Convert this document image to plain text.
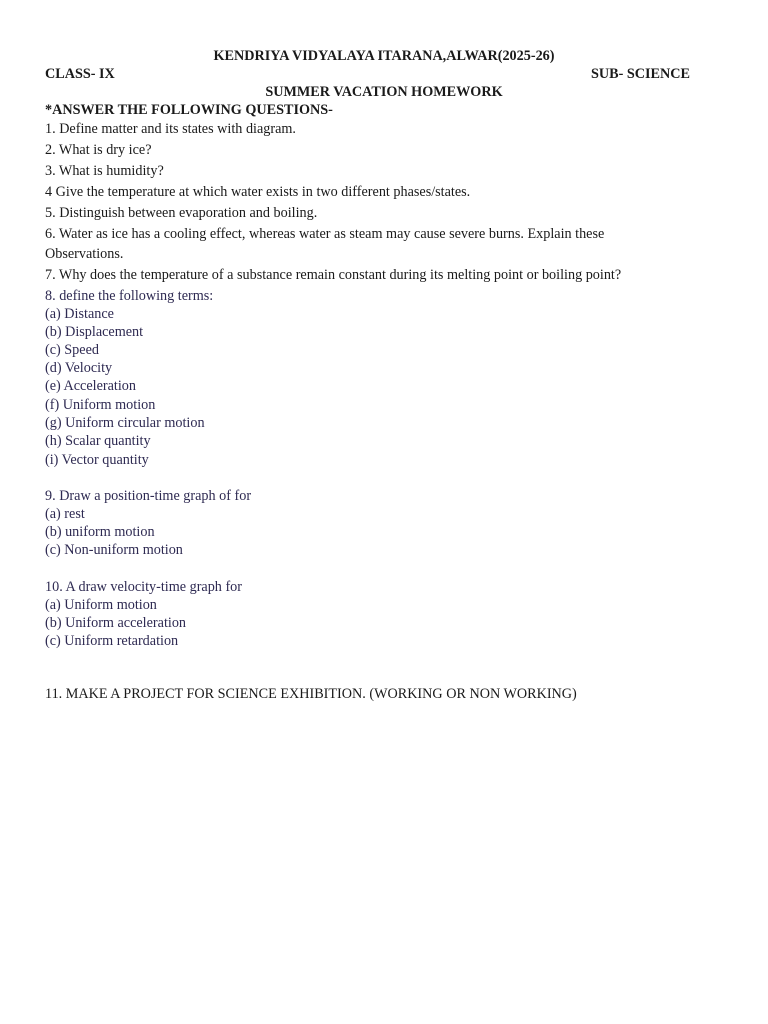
KENDRIYA VIDYALAYA ITARANA,ALWAR(2025-26)
CLASS- IX	SUB- SCIENCE
SUMMER VACATION HOMEWORK
*ANSWER THE FOLLOWING QUESTIONS-
1. Define matter and its states with diagram.
2. What is dry ice?
3. What is humidity?
4 Give the temperature at which water exists in two different phases/states.
5. Distinguish between evaporation and boiling.
6. Water as ice has a cooling effect, whereas water as steam may cause severe burns. Explain these
Observations.
7. Why does the temperature of a substance remain constant during its melting point or boiling point?
8. define the following terms:
(a) Distance
(b) Displacement
(c) Speed
(d) Velocity
(e) Acceleration
(f) Uniform motion
(g) Uniform circular motion
(h) Scalar quantity
(i) Vector quantity
9. Draw a position-time graph of for
(a) rest
(b) uniform motion
(c) Non-uniform motion
10. A draw velocity-time graph for
(a) Uniform motion
(b) Uniform acceleration
(c) Uniform retardation
11. MAKE A PROJECT FOR SCIENCE EXHIBITION. (WORKING OR NON WORKING)
